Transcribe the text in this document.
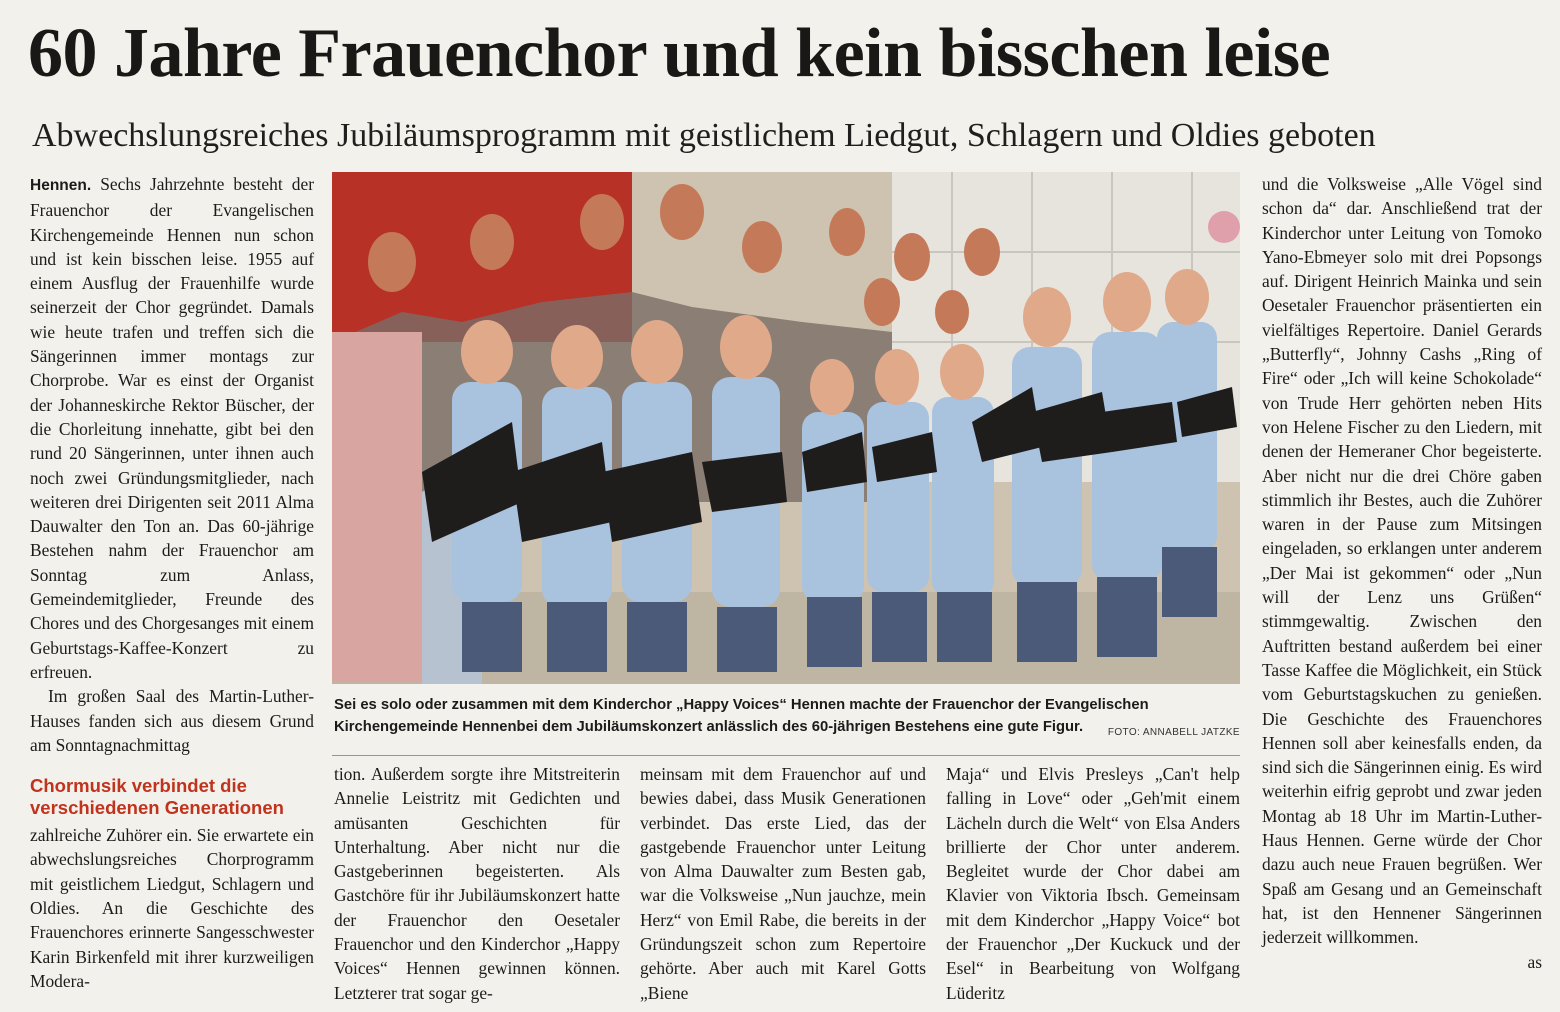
60 Jahre Frauenchor und kein bisschen leise
Abwechslungsreiches Jubiläumsprogramm mit geistlichem Liedgut, Schlagern und Oldies geboten

Hennen. Sechs Jahrzehnte besteht der Frauenchor der Evangelischen Kirchengemeinde Hennen nun schon und ist kein bisschen leise. 1955 auf einem Ausflug der Frauenhilfe wurde seinerzeit der Chor gegründet. Damals wie heute trafen und treffen sich die Sängerinnen immer montags zur Chorprobe. War es einst der Organist der Johanneskirche Rektor Büscher, der die Chorleitung innehatte, gibt bei den rund 20 Sängerinnen, unter ihnen auch noch zwei Gründungsmitglieder, nach weiteren drei Dirigenten seit 2011 Alma Dauwalter den Ton an. Das 60-jährige Bestehen nahm der Frauenchor am Sonntag zum Anlass, Gemeindemitglieder, Freunde des Chores und des Chorgesanges mit einem Geburtstags-Kaffee-Konzert zu erfreuen.

Im großen Saal des Martin-Luther-Hauses fanden sich aus diesem Grund am Sonntagnachmittag

Chormusik verbindet die verschiedenen Generationen

zahlreiche Zuhörer ein. Sie erwartete ein abwechslungsreiches Chorprogramm mit geistlichem Liedgut, Schlagern und Oldies. An die Geschichte des Frauenchores erinnerte Sangesschwester Karin Birkenfeld mit ihrer kurzweiligen Modera-

Sei es solo oder zusammen mit dem Kinderchor „Happy Voices“ Hennen machte der Frauenchor der Evangelischen Kirchengemeinde Hennenbei dem Jubiläumskonzert anlässlich des 60-jährigen Bestehens eine gute Figur.	FOTO: ANNABELL JATZKE

tion. Außerdem sorgte ihre Mitstreiterin Annelie Leistritz mit Gedichten und amüsanten Geschichten für Unterhaltung. Aber nicht nur die Gastgeberinnen begeisterten. Als Gastchöre für ihr Jubiläumskonzert hatte der Frauenchor den Oesetaler Frauenchor und den Kinderchor „Happy Voices“ Hennen gewinnen können. Letzterer trat sogar ge-

meinsam mit dem Frauenchor auf und bewies dabei, dass Musik Generationen verbindet. Das erste Lied, das der gastgebende Frauenchor unter Leitung von Alma Dauwalter zum Besten gab, war die Volksweise „Nun jauchze, mein Herz“ von Emil Rabe, die bereits in der Gründungszeit schon zum Repertoire gehörte. Aber auch mit Karel Gotts „Biene

Maja“ und Elvis Presleys „Can't help falling in Love“ oder „Geh'mit einem Lächeln durch die Welt“ von Elsa Anders brillierte der Chor unter anderem. Begleitet wurde der Chor dabei am Klavier von Viktoria Ibsch. Gemeinsam mit dem Kinderchor „Happy Voice“ bot der Frauenchor „Der Kuckuck und der Esel“ in Bearbeitung von Wolfgang Lüderitz

und die Volksweise „Alle Vögel sind schon da“ dar. Anschließend trat der Kinderchor unter Leitung von Tomoko Yano-Ebmeyer solo mit drei Popsongs auf. Dirigent Heinrich Mainka und sein Oesetaler Frauenchor präsentierten ein vielfältiges Repertoire. Daniel Gerards „Butterfly“, Johnny Cashs „Ring of Fire“ oder „Ich will keine Schokolade“ von Trude Herr gehörten neben Hits von Helene Fischer zu den Liedern, mit denen der Hemeraner Chor begeisterte. Aber nicht nur die drei Chöre gaben stimmlich ihr Bestes, auch die Zuhörer waren in der Pause zum Mitsingen eingeladen, so erklangen unter anderem „Der Mai ist gekommen“ oder „Nun will der Lenz uns Grüßen“ stimmgewaltig. Zwischen den Auftritten bestand außerdem bei einer Tasse Kaffee die Möglichkeit, ein Stück vom Geburtstagskuchen zu genießen. Die Geschichte des Frauenchores Hennen soll aber keinesfalls enden, da sind sich die Sängerinnen einig. Es wird weiterhin eifrig geprobt und zwar jeden Montag ab 18 Uhr im Martin-Luther-Haus Hennen. Gerne würde der Chor dazu auch neue Frauen begrüßen. Wer Spaß am Gesang und an Gemeinschaft hat, ist den Hennener Sängerinnen jederzeit willkommen.

as
